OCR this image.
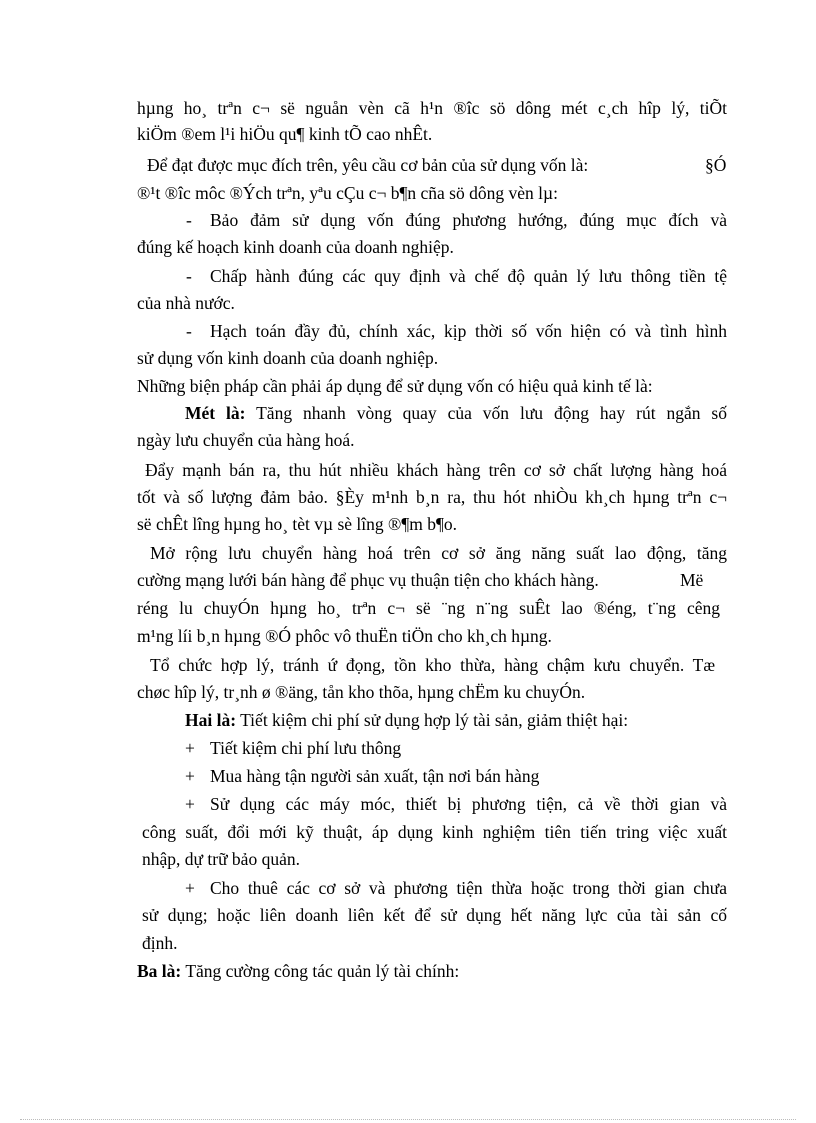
hµng ho¸ trªn c¬ së nguån vèn cã h¹n ®îc sö dông mét c¸ch hîp lý, tiÕt
kiÖm ®em l¹i hiÖu qu¶ kinh tÕ cao nhÊt.
Để đạt được mục đích trên, yêu cầu cơ bản của sử dụng vốn là:	§Ó
®¹t ®îc môc ®Ých trªn, yªu cÇu c¬ b¶n cña sö dông vèn lµ:
- Bảo đảm sử dụng vốn đúng phương hướng, đúng mục đích và
đúng kế hoạch kinh doanh của doanh nghiệp.
- Chấp hành đúng các quy định và chế độ quản lý lưu thông tiền tệ
của nhà nước.
- Hạch toán đầy đủ, chính xác, kịp thời số vốn hiện có và tình hình
sử dụng vốn kinh doanh của doanh nghiệp.
Những biện pháp cần phải áp dụng để sử dụng vốn có hiệu quả kinh tế là:
Mét là: Tăng nhanh vòng quay của vốn lưu động hay rút ngắn số
ngày lưu chuyển của hàng hoá.
Đẩy mạnh bán ra, thu hút nhiều khách hàng trên cơ sở chất lượng hàng hoá
tốt và số lượng đảm bảo. §Èy m¹nh b¸n ra, thu hót nhiÒu kh¸ch hµng trªn c¬
së chÊt lîng hµng ho¸ tèt vµ sè lîng ®¶m b¶o.
Mở rộng lưu chuyển hàng hoá trên cơ sở ăng năng suất lao động, tăng
cường mạng lưới bán hàng để phục vụ thuận tiện cho khách hàng.	Më
réng lu chuyÓn hµng ho¸ trªn c¬ së ¨ng n¨ng suÊt lao ®éng, t¨ng cêng
m¹ng líi b¸n hµng ®Ó phôc vô thuËn tiÖn cho kh¸ch hµng.
Tổ chức hợp lý, tránh ứ đọng, tồn kho thừa, hàng chậm kưu chuyển. Tæ
chøc hîp lý, tr¸nh ø ®äng, tån kho thõa, hµng chËm ku chuyÓn.
Hai là: Tiết kiệm chi phí sử dụng hợp lý tài sản, giảm thiệt hại:
+ Tiết kiệm chi phí lưu thông
+ Mua hàng tận người sản xuất, tận nơi bán hàng
+ Sử dụng các máy móc, thiết bị phương tiện, cả về thời gian và
công suất, đổi mới kỹ thuật, áp dụng kinh nghiệm tiên tiến tring việc xuất
nhập, dự trữ bảo quản.
+ Cho thuê các cơ sở và phương tiện thừa hoặc trong thời gian chưa
sử dụng; hoặc liên doanh liên kết để sử dụng hết năng lực của tài sản cố
định.
Ba là: Tăng cường công tác quản lý tài chính:
